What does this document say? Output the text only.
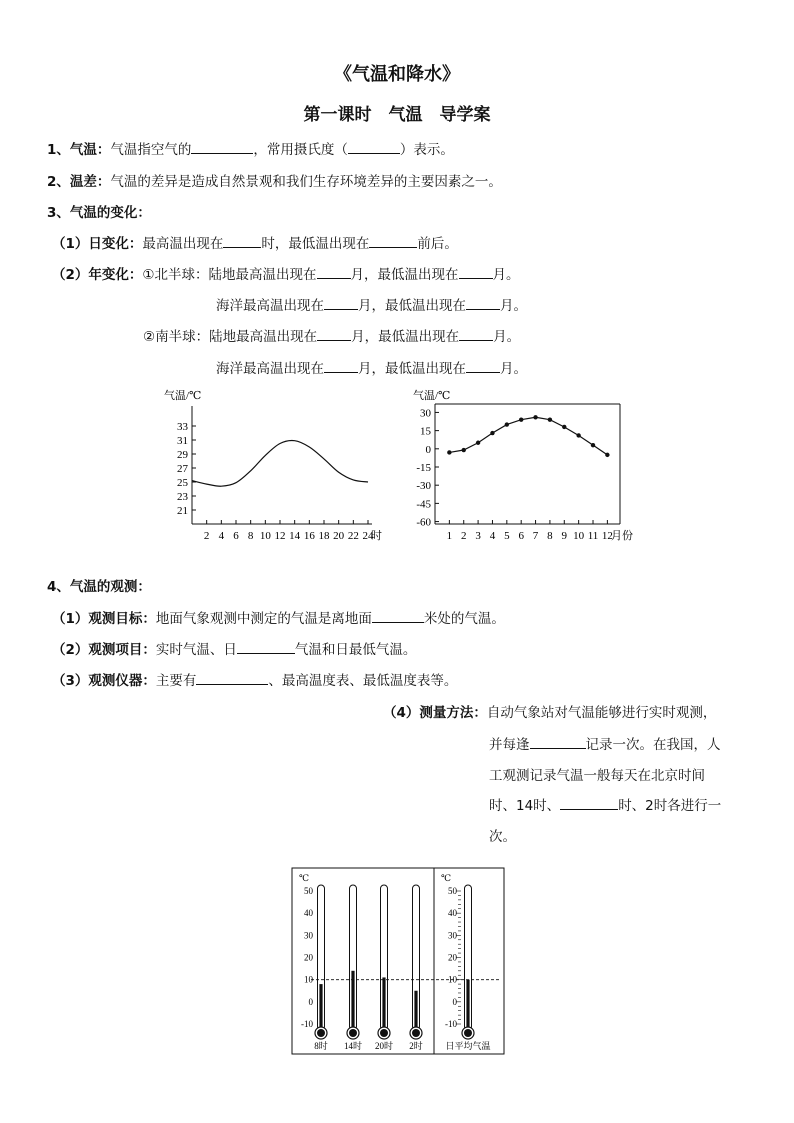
《气温和降水》
第一课时　气温　导学案
1、气温：气温指空气的	，常用摄氏度（	）表示。
2、温差：气温的差异是造成自然景观和我们生存环境差异的主要因素之一。
3、气温的变化：
（1）日变化：最高温出现在	时，最低温出现在	前后。
（2）年变化：①北半球：陆地最高温出现在	月，最低温出现在	月。
海洋最高温出现在	月，最低温出现在	月。
②南半球：陆地最高温出现在	月，最低温出现在	月。
海洋最高温出现在	月，最低温出现在	月。
气温/℃
21
23
25
27
29
31
33
2 4 6 8 10 12 14 16 18 20 22 24
时
气温/℃
30
15
0
-15
-30
-45
-60
1 2 3 4 5 6 7 8 9 10 11 12
月份
4、气温的观测：
（1）观测目标：地面气象观测中测定的气温是离地面	米处的气温。
（2）观测项目：实时气温、日	气温和日最低气温。
（3）观测仪器：主要有	、最高温度表、最低温度表等。
（4）测量方法：自动气象站对气温能够进行实时观测，
并每逢	记录一次。在我国，人
工观测记录气温一般每天在北京时间
时、14时、	时、2时各进行一
次。
℃	℃
50
40
30
20
10
0
-10
50
40
30
20
10
0
-10
8时 14时 20时 2时	日平均气温
